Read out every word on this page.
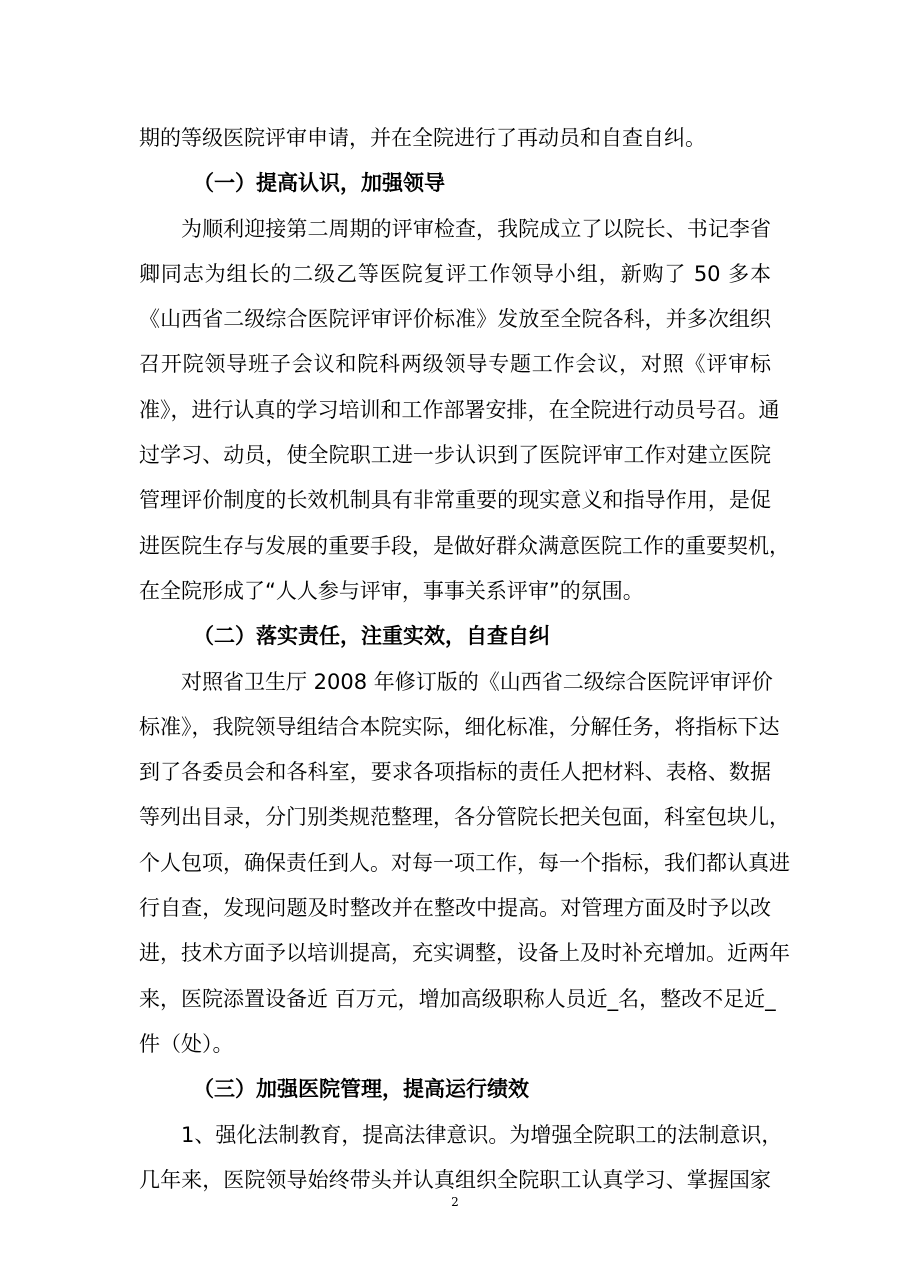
期的等级医院评审申请，并在全院进行了再动员和自查自纠。
（一）提高认识，加强领导
为顺利迎接第二周期的评审检查，我院成立了以院长、书记李省
卿同志为组长的二级乙等医院复评工作领导小组，新购了 50 多本
《山西省二级综合医院评审评价标准》发放至全院各科，并多次组织
召开院领导班子会议和院科两级领导专题工作会议，对照《评审标
准》，进行认真的学习培训和工作部署安排，在全院进行动员号召。通
过学习、动员，使全院职工进一步认识到了医院评审工作对建立医院
管理评价制度的长效机制具有非常重要的现实意义和指导作用，是促
进医院生存与发展的重要手段，是做好群众满意医院工作的重要契机，
在全院形成了“人人参与评审，事事关系评审”的氛围。
（二）落实责任，注重实效，自查自纠
对照省卫生厅 2008 年修订版的《山西省二级综合医院评审评价
标准》，我院领导组结合本院实际，细化标准，分解任务，将指标下达
到了各委员会和各科室，要求各项指标的责任人把材料、表格、数据
等列出目录，分门别类规范整理，各分管院长把关包面，科室包块儿，
个人包项，确保责任到人。对每一项工作，每一个指标，我们都认真进
行自查，发现问题及时整改并在整改中提高。对管理方面及时予以改
进，技术方面予以培训提高，充实调整，设备上及时补充增加。近两年
来，医院添置设备近 百万元，增加高级职称人员近_名，整改不足近_
件（处）。
（三）加强医院管理，提高运行绩效
1、强化法制教育，提高法律意识。为增强全院职工的法制意识，
几年来，医院领导始终带头并认真组织全院职工认真学习、掌握国家
2
